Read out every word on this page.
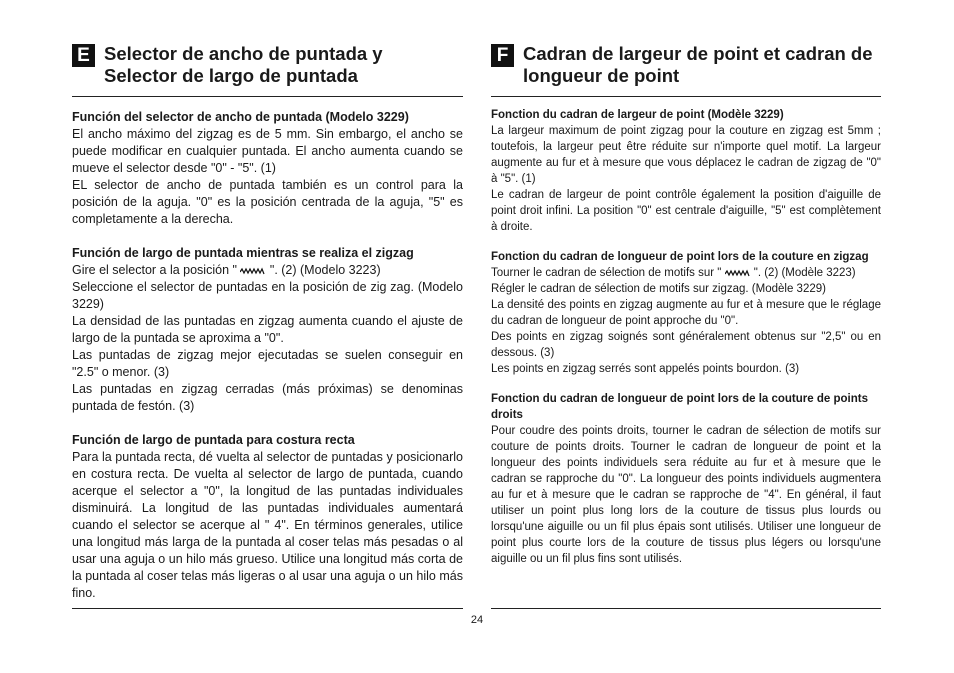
E Selector de ancho de puntada y
Selector de largo de puntada
Función del selector de ancho de puntada (Modelo 3229)

El ancho máximo del zigzag es de 5 mm. Sin embargo, el ancho se puede modificar en cualquier puntada. El ancho aumenta cuando se mueve el selector desde "0" - "5". (1)

EL selector de ancho de puntada también es un control para la posición de la aguja. "0" es la posición centrada de la aguja, "5" es completamente a la derecha.

Función de largo de puntada mientras se realiza el zigzag

Gire el selector a la posición "  ". (2) (Modelo 3223)

Seleccione el selector de puntadas en la posición de zig zag. (Modelo 3229)

La densidad de las puntadas en zigzag aumenta cuando el ajuste de largo de la puntada se aproxima a "0".

Las puntadas de zigzag mejor ejecutadas se suelen conseguir en "2.5" o menor. (3)

Las puntadas en zigzag cerradas (más próximas) se denominas puntada de festón. (3)

Función de largo de puntada para costura recta

Para la puntada recta, dé vuelta al selector de puntadas y posicionarlo en costura recta. De vuelta al selector de largo de puntada, cuando acerque el selector a "0", la longitud de las puntadas individuales disminuirá. La longitud de las puntadas individuales aumentará cuando el selector se acerque al " 4". En términos generales, utilice una longitud más larga de la puntada al coser telas más pesadas o al usar una aguja o un hilo más grueso. Utilice una longitud más corta de la puntada al coser telas más ligeras o al usar una aguja o un hilo más fino.

F Cadran de largeur de point et cadran de
longueur de point
Fonction du cadran de largeur de point (Modèle 3229)

La largeur maximum de point zigzag pour la couture en zigzag est 5mm ; toutefois, la largeur peut être réduite sur n'importe quel motif. La largeur augmente au fur et à mesure que vous déplacez le cadran de zigzag de "0" à "5". (1)

Le cadran de largeur de point contrôle également la position d'aiguille de point droit infini. La position "0" est centrale d'aiguille, "5" est complètement à droite.

Fonction du cadran de longueur de point lors de la couture en zigzag

Tourner le cadran de sélection de motifs sur "  ". (2) (Modèle 3223)

Régler le cadran de sélection de motifs sur zigzag. (Modèle 3229)

La densité des points en zigzag augmente au fur et à mesure que le réglage du cadran de longueur de point approche du "0".

Des points en zigzag soignés sont généralement obtenus sur "2,5" ou en dessous. (3)

Les points en zigzag serrés sont appelés points bourdon. (3)

Fonction du cadran de longueur de point lors de la couture de points droits

Pour coudre des points droits, tourner le cadran de sélection de motifs sur couture de points droits. Tourner le cadran de longueur de point et la longueur des points individuels sera réduite au fur et à mesure que le cadran se rapproche du "0". La longueur des points individuels augmentera au fur et à mesure que le cadran se rapproche de "4". En général, il faut utiliser un point plus long lors de la couture de tissus plus lourds ou lorsqu'une aiguille ou un fil plus épais sont utilisés. Utiliser une longueur de point plus courte lors de la couture de tissus plus légers ou lorsqu'une aiguille ou un fil plus fins sont utilisés.

24
